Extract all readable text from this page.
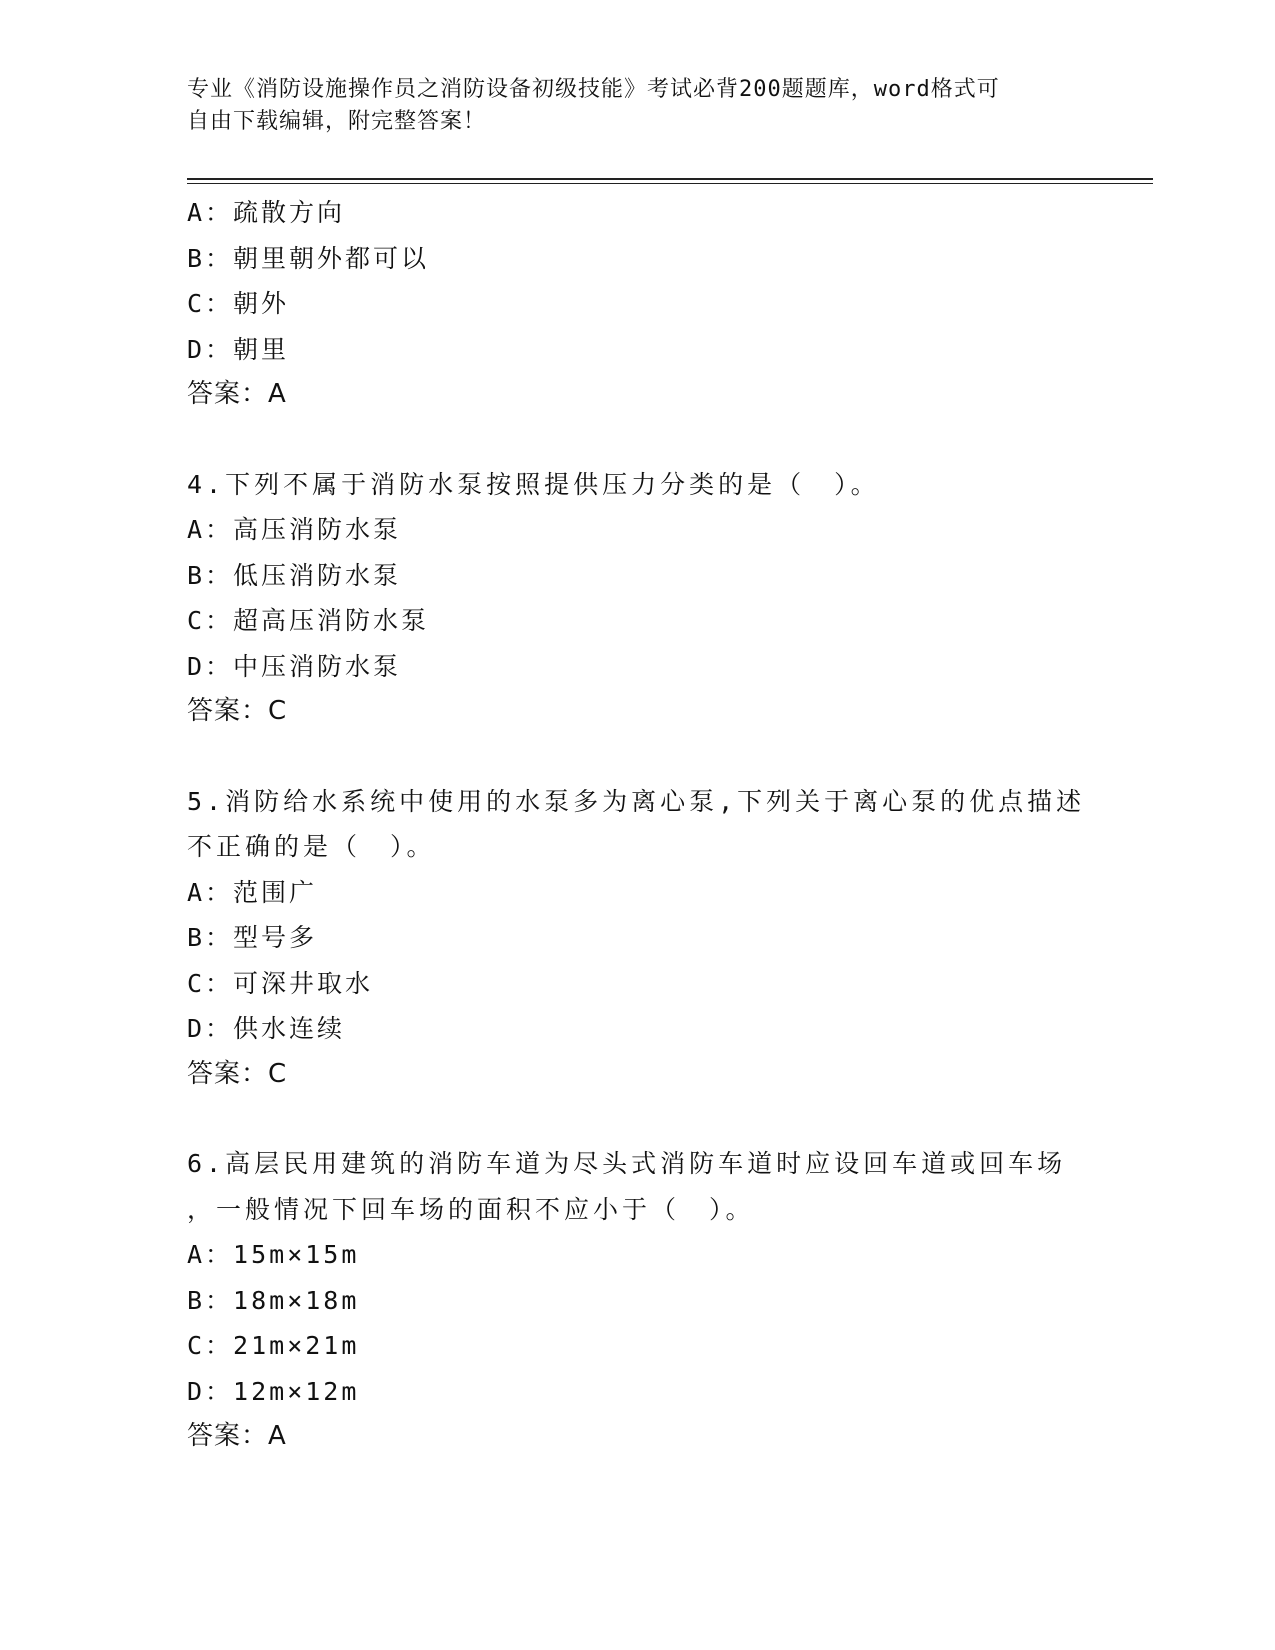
专业《消防设施操作员之消防设备初级技能》考试必背200题题库，word格式可
自由下载编辑，附完整答案！
A：疏散方向
B：朝里朝外都可以
C：朝外
D：朝里
答案：A
4.下列不属于消防水泵按照提供压力分类的是（　）。
A：高压消防水泵
B：低压消防水泵
C：超高压消防水泵
D：中压消防水泵
答案：C
5.消防给水系统中使用的水泵多为离心泵,下列关于离心泵的优点描述
不正确的是（　）。
A：范围广
B：型号多
C：可深井取水
D：供水连续
答案：C
6.高层民用建筑的消防车道为尽头式消防车道时应设回车道或回车场
，一般情况下回车场的面积不应小于（　）。
A：15m×15m
B：18m×18m
C：21m×21m
D：12m×12m
答案：A
